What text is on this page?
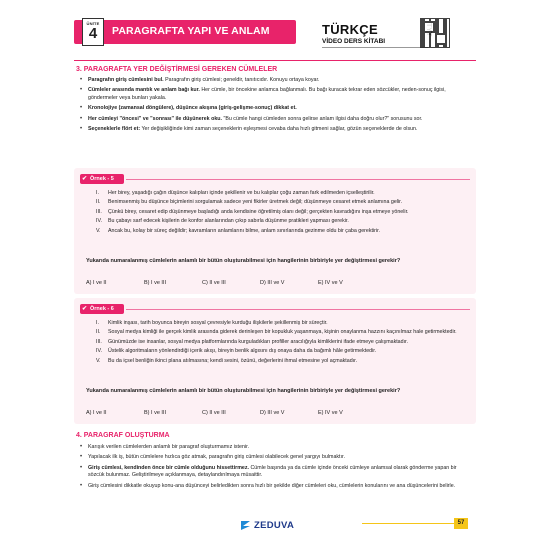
ÜNİTE
4	PARAGRAFTA YAPI VE ANLAM	TÜRKÇE
VİDEO DERS KİTABI
3. PARAGRAFTA YER DEĞİŞTİRMESİ GEREKEN CÜMLELER
• Paragrafın giriş cümlesini bul. Paragrafın giriş cümlesi; geneldir, tanıtıcıdır. Konuyu ortaya koyar.
• Cümleler arasında mantık ve anlam bağı kur. Her cümle, bir öncekine anlamca bağlanmalı. Bu bağı kuracak tekrar eden sözcükler, neden-sonuç ilgisi, göndermeler veya bunları yakala.
• Kronolojiye (zamansal döngülere), düşünce akışına (giriş-gelişme-sonuç) dikkat et.
• Her cümleyi "öncesi" ve "sonrası" ile düşünerek oku. "Bu cümle hangi cümleden sonra gelirse anlam ilgisi daha doğru olur?" sorusunu sor.
• Seçeneklerle flört et: Yer değişikliğinde kimi zaman seçeneklerin eşleşmesi cevaba daha hızlı gitmeni sağlar, gözün seçeneklerde de olsun.
✔ Örnek - 5
I. Her birey, yaşadığı çağın düşünce kalıpları içinde şekillenir ve bu kalıplar çoğu zaman fark edilmeden içselleştirilir.
II. Benimsenmiş bu düşünce biçimlerini sorgulamak sadece yeni fikirler üretmek değil; düşünmeye cesaret etmek anlamına gelir.
III. Çünkü birey, cesaret edip düşünmeye başladığı anda kendisine öğretilmiş olanı değil; gerçekten kavradığını inşa etmeye yönelir.
IV. Bu çabayı sarf edecek kişilerin de konfor alanlarından çıkıp sabırla düşünme pratikleri yapması gerekir.
V. Ancak bu, kolay bir süreç değildir; kavramların anlamlarını bilme, anlam sınırlarında gezinme oldu bir çaba gerektirir.
Yukarıda numaralanmış cümlelerin anlamlı bir bütün oluşturabilmesi için hangilerinin birbiriyle yer değiştirmesi gerekir?
A) I ve II	B) I ve III	C) II ve III	D) III ve V	E) IV ve V
✔ Örnek - 6
I. Kimlik inşası, tarih boyunca bireyin sosyal çevresiyle kurduğu ilişkilerle şekillenmiş bir süreçtir.
II. Sosyal medya kimliği ile gerçek kimlik arasında giderek derinleşen bir kopukluk yaşanmaya, kişinin onaylanma hazzını kaçınılmaz hale getirmektedir.
III. Günümüzde ise insanlar, sosyal medya platformlarında kurguladıkları profiller aracılığıyla kimliklerini ifade etmeye çalışmaktadır.
IV. Üstelik algoritmaların yönlendirdiği içerik akışı, bireyin benlik algısını dış onaya daha da bağımlı hâle getirmektedir.
V. Bu da içsel benliğin ikinci plana atılmasına; kendi sesini, özünü, değerlerini ihmal etmesine yol açmaktadır.
Yukarıda numaralanmış cümlelerin anlamlı bir bütün oluşturabilmesi için hangilerinin birbiriyle yer değiştirmesi gerekir?
A) I ve II	B) I ve III	C) II ve III	D) III ve V	E) IV ve V
4. PARAGRAF OLUŞTURMA
• Karışık verilen cümlelerden anlamlı bir paragraf oluşturmamız istenir.
• Yapılacak ilk iş, bütün cümlelere hızlıca göz atmak, paragrafın giriş cümlesi olabilecek genel yargıyı bulmaktır.
• Giriş cümlesi, kendinden önce bir cümle olduğunu hissettirmez. Cümle başında ya da cümle içinde önceki cümleye anlamsal olarak gönderme yapan bir sözcük bulunmaz. Geliştirilmeye açıklanmaya, detaylandırılmaya müsaittir.
• Giriş cümlesini dikkatle okuyup konu-ana düşünceyi belirledikten sonra hızlı bir şekilde diğer cümleleri oku, cümlelerin konularını ve ana düşüncelerini belirle.
ZEDUVA	57
